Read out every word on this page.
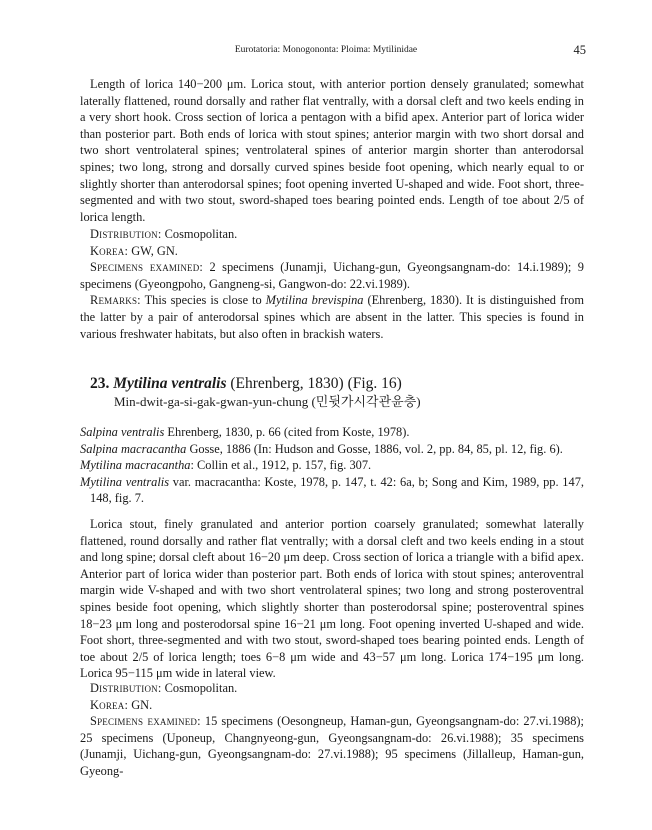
Eurotatoria: Monogononta: Ploima: Mytilinidae	45

Length of lorica 140−200 μm. Lorica stout, with anterior portion densely granulated; somewhat laterally flattened, round dorsally and rather flat ventrally, with a dorsal cleft and two keels ending in a very short hook. Cross section of lorica a pentagon with a bifid apex. Anterior part of lorica wider than posterior part. Both ends of lorica with stout spines; anterior margin with two short dorsal and two short ventrolateral spines; ventrolateral spines of anterior margin shorter than anterodorsal spines; two long, strong and dorsally curved spines beside foot opening, which nearly equal to or slightly shorter than anterodorsal spines; foot opening inverted U-shaped and wide. Foot short, three-segmented and with two stout, sword-shaped toes bearing pointed ends. Length of toe about 2/5 of lorica length.

Distribution: Cosmopolitan.

Korea: GW, GN.

Specimens examined: 2 specimens (Junamji, Uichang-gun, Gyeongsangnam-do: 14.i.1989); 9 specimens (Gyeongpoho, Gangneng-si, Gangwon-do: 22.vi.1989).

Remarks: This species is close to Mytilina brevispina (Ehrenberg, 1830). It is distinguished from the latter by a pair of anterodorsal spines which are absent in the latter. This species is found in various freshwater habitats, but also often in brackish waters.

23. Mytilina ventralis (Ehrenberg, 1830) (Fig. 16)
Min-dwit-ga-si-gak-gwan-yun-chung (민뒷가시각관윤충)

Salpina ventralis Ehrenberg, 1830, p. 66 (cited from Koste, 1978).

Salpina macracantha Gosse, 1886 (In: Hudson and Gosse, 1886, vol. 2, pp. 84, 85, pl. 12, fig. 6).

Mytilina macracantha: Collin et al., 1912, p. 157, fig. 307.

Mytilina ventralis var. macracantha: Koste, 1978, p. 147, t. 42: 6a, b; Song and Kim, 1989, pp. 147, 148, fig. 7.

Lorica stout, finely granulated and anterior portion coarsely granulated; somewhat laterally flattened, round dorsally and rather flat ventrally; with a dorsal cleft and two keels ending in a stout and long spine; dorsal cleft about 16−20 μm deep. Cross section of lorica a triangle with a bifid apex. Anterior part of lorica wider than posterior part. Both ends of lorica with stout spines; anteroventral margin wide V-shaped and with two short ventrolateral spines; two long and strong posteroventral spines beside foot opening, which slightly shorter than posterodorsal spine; posteroventral spines 18−23 μm long and posterodorsal spine 16−21 μm long. Foot opening inverted U-shaped and wide. Foot short, three-segmented and with two stout, sword-shaped toes bearing pointed ends. Length of toe about 2/5 of lorica length; toes 6−8 μm wide and 43−57 μm long. Lorica 174−195 μm long. Lorica 95−115 μm wide in lateral view.

Distribution: Cosmopolitan.

Korea: GN.

Specimens examined: 15 specimens (Oesongneup, Haman-gun, Gyeongsangnam-do: 27.vi.1988); 25 specimens (Uponeup, Changnyeong-gun, Gyeongsangnam-do: 26.vi.1988); 35 specimens (Junamji, Uichang-gun, Gyeongsangnam-do: 27.vi.1988); 95 specimens (Jillalleup, Haman-gun, Gyeong-
